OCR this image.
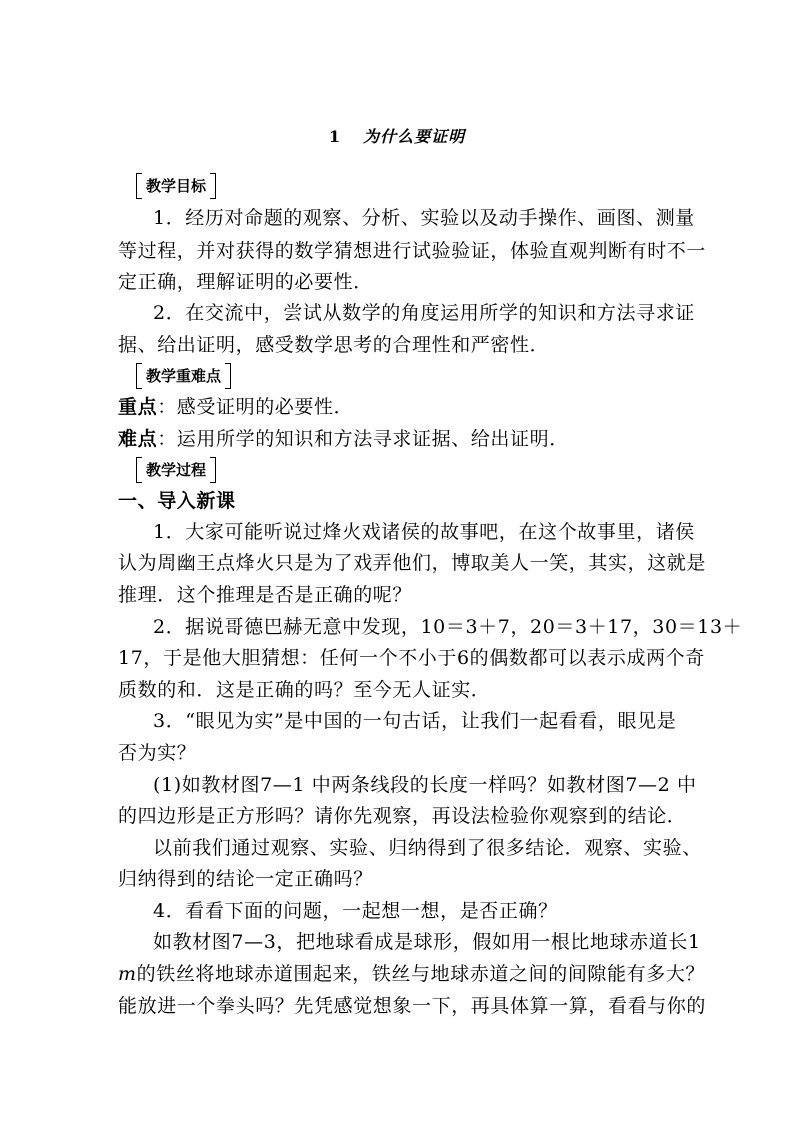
1 为什么要证明
教学目标
1．经历对命题的观察、分析、实验以及动手操作、画图、测量
等过程，并对获得的数学猜想进行试验验证，体验直观判断有时不一
定正确，理解证明的必要性．
2．在交流中，尝试从数学的角度运用所学的知识和方法寻求证
据、给出证明，感受数学思考的合理性和严密性．
教学重难点
重点：感受证明的必要性．
难点：运用所学的知识和方法寻求证据、给出证明．
教学过程
一、导入新课
1．大家可能听说过烽火戏诸侯的故事吧，在这个故事里，诸侯
认为周幽王点烽火只是为了戏弄他们，博取美人一笑，其实，这就是
推理．这个推理是否是正确的呢？
2．据说哥德巴赫无意中发现，10＝3＋7，20＝3＋17，30＝13＋
17，于是他大胆猜想：任何一个不小于6的偶数都可以表示成两个奇
质数的和．这是正确的吗？至今无人证实．
3．“眼见为实”是中国的一句古话，让我们一起看看，眼见是
否为实？
(1)如教材图7—1 中两条线段的长度一样吗？如教材图7—2 中
的四边形是正方形吗？请你先观察，再设法检验你观察到的结论．
以前我们通过观察、实验、归纳得到了很多结论．观察、实验、
归纳得到的结论一定正确吗？
4．看看下面的问题，一起想一想，是否正确？
如教材图7—3，把地球看成是球形，假如用一根比地球赤道长1
m的铁丝将地球赤道围起来，铁丝与地球赤道之间的间隙能有多大？
能放进一个拳头吗？先凭感觉想象一下，再具体算一算，看看与你的
